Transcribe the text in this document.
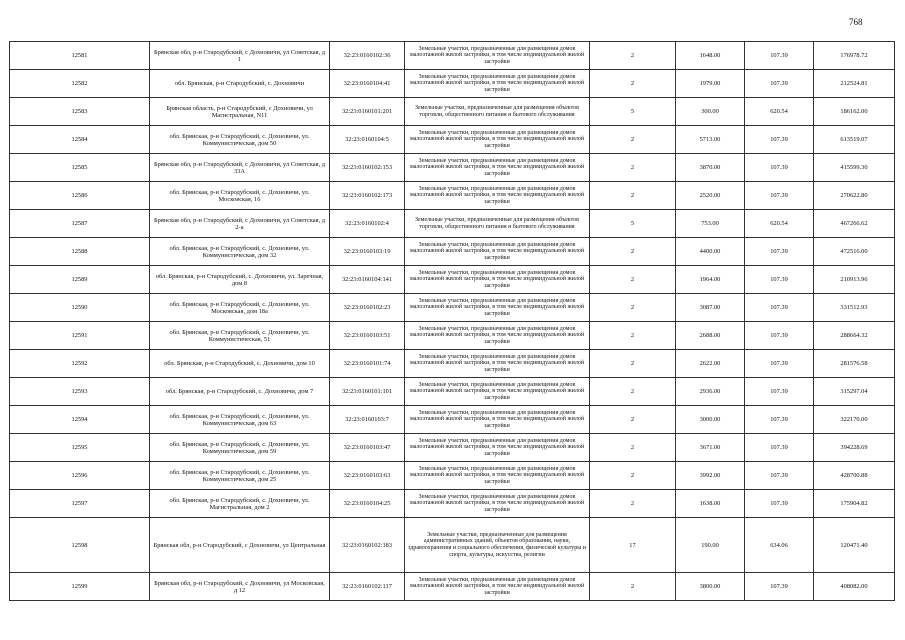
768
12581	Брянская обл, р-н Стародубский, с Дохновичи, ул Советская, д 1	32:23:0160102:36	Земельные участки, предназначенные для размещения домов малоэтажной жилой застройки, в том числе индивидуальной жилой застройки	2	1648.00	107.39	176978.72
12582	обл. Брянская, р-н Стародубский, с. Дохновичи	32:23:0160104:41	Земельные участки, предназначенные для размещения домов малоэтажной жилой застройки, в том числе индивидуальной жилой застройки	2	1979.00	107.39	212524.81
12583	Брянская область, р-н Стародубский, с Дохновичи, ул Магистральная, N11	32:23:0160101:201	Земельные участки, предназначенные для размещения объектов торговли, общественного питания и бытового обслуживания	5	300.00	620.54	186162.00
12584	обл. Брянская, р-н Стародубский, с. Дохновичи, ул. Коммунистическая, дом 50	32:23:0160104:5	Земельные участки, предназначенные для размещения домов малоэтажной жилой застройки, в том числе индивидуальной жилой застройки	2	5713.00	107.39	613519.07
12585	Брянская обл, р-н Стародубский, с Дохновичи, ул Советская, д 33А	32:23:0160102:153	Земельные участки, предназначенные для размещения домов малоэтажной жилой застройки, в том числе индивидуальной жилой застройки	2	3870.00	107.39	415599.30
12586	обл. Брянская, р-н Стародубский, с. Дохновичи, ул. Московская, 16	32:23:0160102:173	Земельные участки, предназначенные для размещения домов малоэтажной жилой застройки, в том числе индивидуальной жилой застройки	2	2520.00	107.39	270622.80
12587	Брянская обл, р-н Стародубский, с Дохновичи, ул Советская, д 2-а	32:23:0160102:4	Земельные участки, предназначенные для размещения объектов торговли, общественного питания и бытового обслуживания	5	753.00	620.54	467266.62
12588	обл. Брянская, р-н Стародубский, с. Дохновичи, ул. Коммунистическая, дом 32	32:23:0160103:19	Земельные участки, предназначенные для размещения домов малоэтажной жилой застройки, в том числе индивидуальной жилой застройки	2	4400.00	107.39	472516.00
12589	обл. Брянская, р-н Стародубский, с. Дохновичи, ул. Заречная, дом 8	32:23:0160104:141	Земельные участки, предназначенные для размещения домов малоэтажной жилой застройки, в том числе индивидуальной жилой застройки	2	1964.00	107.39	210913.96
12590	обл. Брянская, р-н Стародубский, с. Дохновичи, ул. Московская, дом 18а	32:23:0160102:23	Земельные участки, предназначенные для размещения домов малоэтажной жилой застройки, в том числе индивидуальной жилой застройки	2	3087.00	107.39	331512.93
12591	обл. Брянская, р-н Стародубский, с. Дохновичи, ул. Коммунистическая, 51	32:23:0160103:51	Земельные участки, предназначенные для размещения домов малоэтажной жилой застройки, в том числе индивидуальной жилой застройки	2	2688.00	107.39	288664.32
12592	обл. Брянская, р-н Стародубский, с. Дохновичи, дом 10	32:23:0160101:74	Земельные участки, предназначенные для размещения домов малоэтажной жилой застройки, в том числе индивидуальной жилой застройки	2	2622.00	107.39	281576.58
12593	обл. Брянская, р-н Стародубский, с. Дохновичи, дом 7	32:23:0160101:101	Земельные участки, предназначенные для размещения домов малоэтажной жилой застройки, в том числе индивидуальной жилой застройки	2	2936.00	107.39	315297.04
12594	обл. Брянская, р-н Стародубский, с. Дохновичи, ул. Коммунистическая, дом 63	32:23:0160103:7	Земельные участки, предназначенные для размещения домов малоэтажной жилой застройки, в том числе индивидуальной жилой застройки	2	3000.00	107.39	322170.00
12595	обл. Брянская, р-н Стародубский, с. Дохновичи, ул. Коммунистическая, дом 59	32:23:0160103:47	Земельные участки, предназначенные для размещения домов малоэтажной жилой застройки, в том числе индивидуальной жилой застройки	2	3671.00	107.39	394228.69
12596	обл. Брянская, р-н Стародубский, с. Дохновичи, ул. Коммунистическая, дом 25	32:23:0160103:63	Земельные участки, предназначенные для размещения домов малоэтажной жилой застройки, в том числе индивидуальной жилой застройки	2	3992.00	107.39	428700.88
12597	обл. Брянская, р-н Стародубский, с. Дохновичи, ул. Магистральная, дом 2	32:23:0160104:25	Земельные участки, предназначенные для размещения домов малоэтажной жилой застройки, в том числе индивидуальной жилой застройки	2	1638.00	107.39	175904.82
12598	Брянская обл, р-н Стародубский, с Дохновичи, ул Центральная	32:23:0160102:183	Земельные участки, предназначенные для размещения административных зданий, объектов образования, науки, здравоохранения и социального обеспечения, физической культуры и спорта, культуры, искусства, религии	17	190.00	634.06	120471.40
12599	Брянская обл, р-н Стародубский, с Дохновичи, ул Московская, д 12	32:23:0160102:117	Земельные участки, предназначенные для размещения домов малоэтажной жилой застройки, в том числе индивидуальной жилой застройки	2	3800.00	107.39	408082.00
